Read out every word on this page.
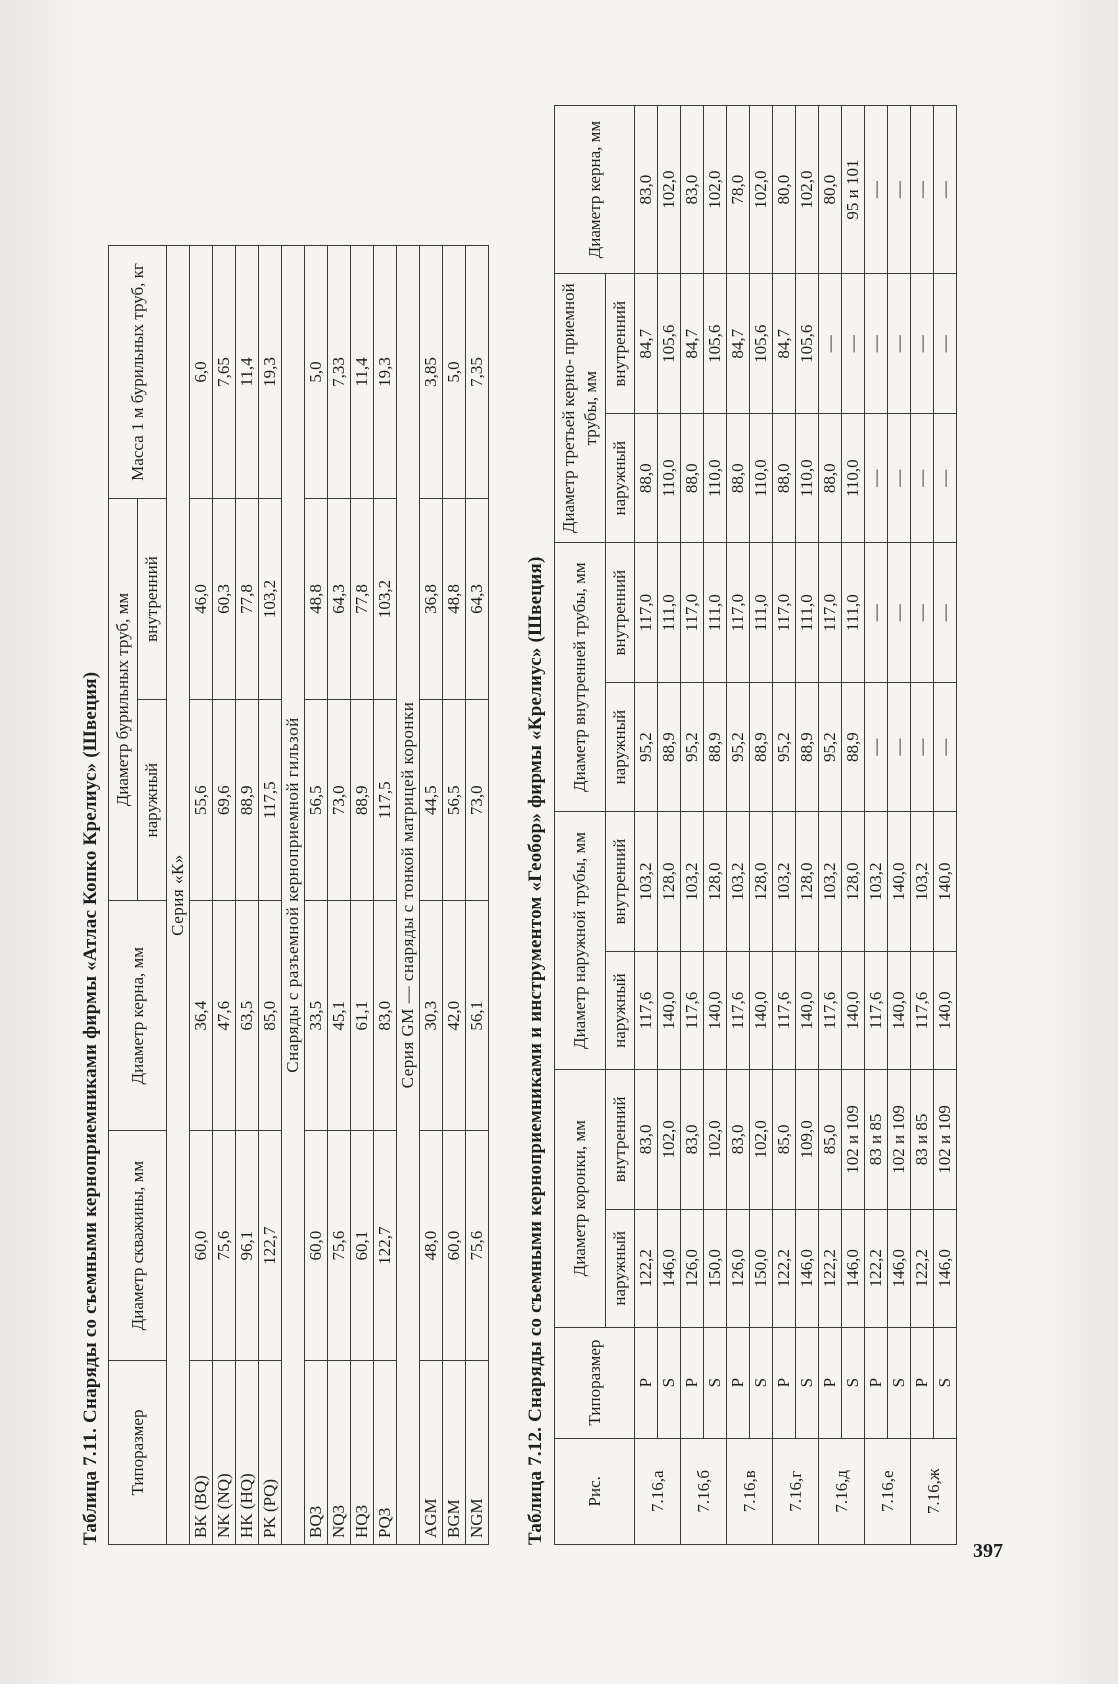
Таблица 7.11. Снаряды со съемными керноприемниками фирмы «Атлас Копко Крелиус» (Швеция) Типоразмер	Диаметр скважины, мм	Диаметр керна, мм	Диаметр бурильных труб, мм		Масса 1 м бурильных труб, кг
			наружный	внутренний	
Серия «К»					
BK (BQ)	60,0	36,4	55,6	46,0	6,0
NK (NQ)	75,6	47,6	69,6	60,3	7,65
HK (HQ)	96,1	63,5	88,9	77,8	11,4
PK (PQ)	122,7	85,0	117,5	103,2	19,3
Снаряды с разъемной керноприемной гильзой					
BQ3	60,0	33,5	56,5	48,8	5,0
NQ3	75,6	45,1	73,0	64,3	7,33
HQ3	60,1	61,1	88,9	77,8	11,4
PQ3	122,7	83,0	117,5	103,2	19,3
Серия GM — снаряды с тонкой матрицей коронки					
AGM	48,0	30,3	44,5	36,8	3,85
BGM	60,0	42,0	56,5	48,8	5,0
NGM	75,6	56,1	73,0	64,3	7,35
Таблица 7.12. Снаряды со съемными керноприемниками и инструментом «Геобор» фирмы «Крелиус» (Швеция) Рис.	Типоразмер	Диаметр коронки, мм		Диаметр наружной трубы, мм		Диаметр внутренней трубы, мм		Диаметр третьей керно- приемной трубы, мм		Диаметр керна, мм
		наружный	внутренний	наружный	внутренний	наружный	внутренний	наружный	внутренний	
7.16,а	P	122,2	83,0	117,6	103,2	95,2	117,0	88,0	84,7	83,0
	S	146,0	102,0	140,0	128,0	88,9	111,0	110,0	105,6	102,0
7.16,б	P	126,0	83,0	117,6	103,2	95,2	117,0	88,0	84,7	83,0
	S	150,0	102,0	140,0	128,0	88,9	111,0	110,0	105,6	102,0
7.16,в	P	126,0	83,0	117,6	103,2	95,2	117,0	88,0	84,7	78,0
	S	150,0	102,0	140,0	128,0	88,9	111,0	110,0	105,6	102,0
7.16,г	P	122,2	85,0	117,6	103,2	95,2	117,0	88,0	84,7	80,0
	S	146,0	109,0	140,0	128,0	88,9	111,0	110,0	105,6	102,0
7.16,д	P	122,2	85,0	117,6	103,2	95,2	117,0	88,0	—	80,0
	S	146,0	102 и 109	140,0	128,0	88,9	111,0	110,0	—	95 и 101
7.16,е	P	122,2	83 и 85	117,6	103,2	—	—	—	—	—
	S	146,0	102 и 109	140,0	140,0	—	—	—	—	—
7.16,ж	P	122,2	83 и 85	117,6	103,2	—	—	—	—	—
	S	146,0	102 и 109	140,0	140,0	—	—	—	—	—
397
